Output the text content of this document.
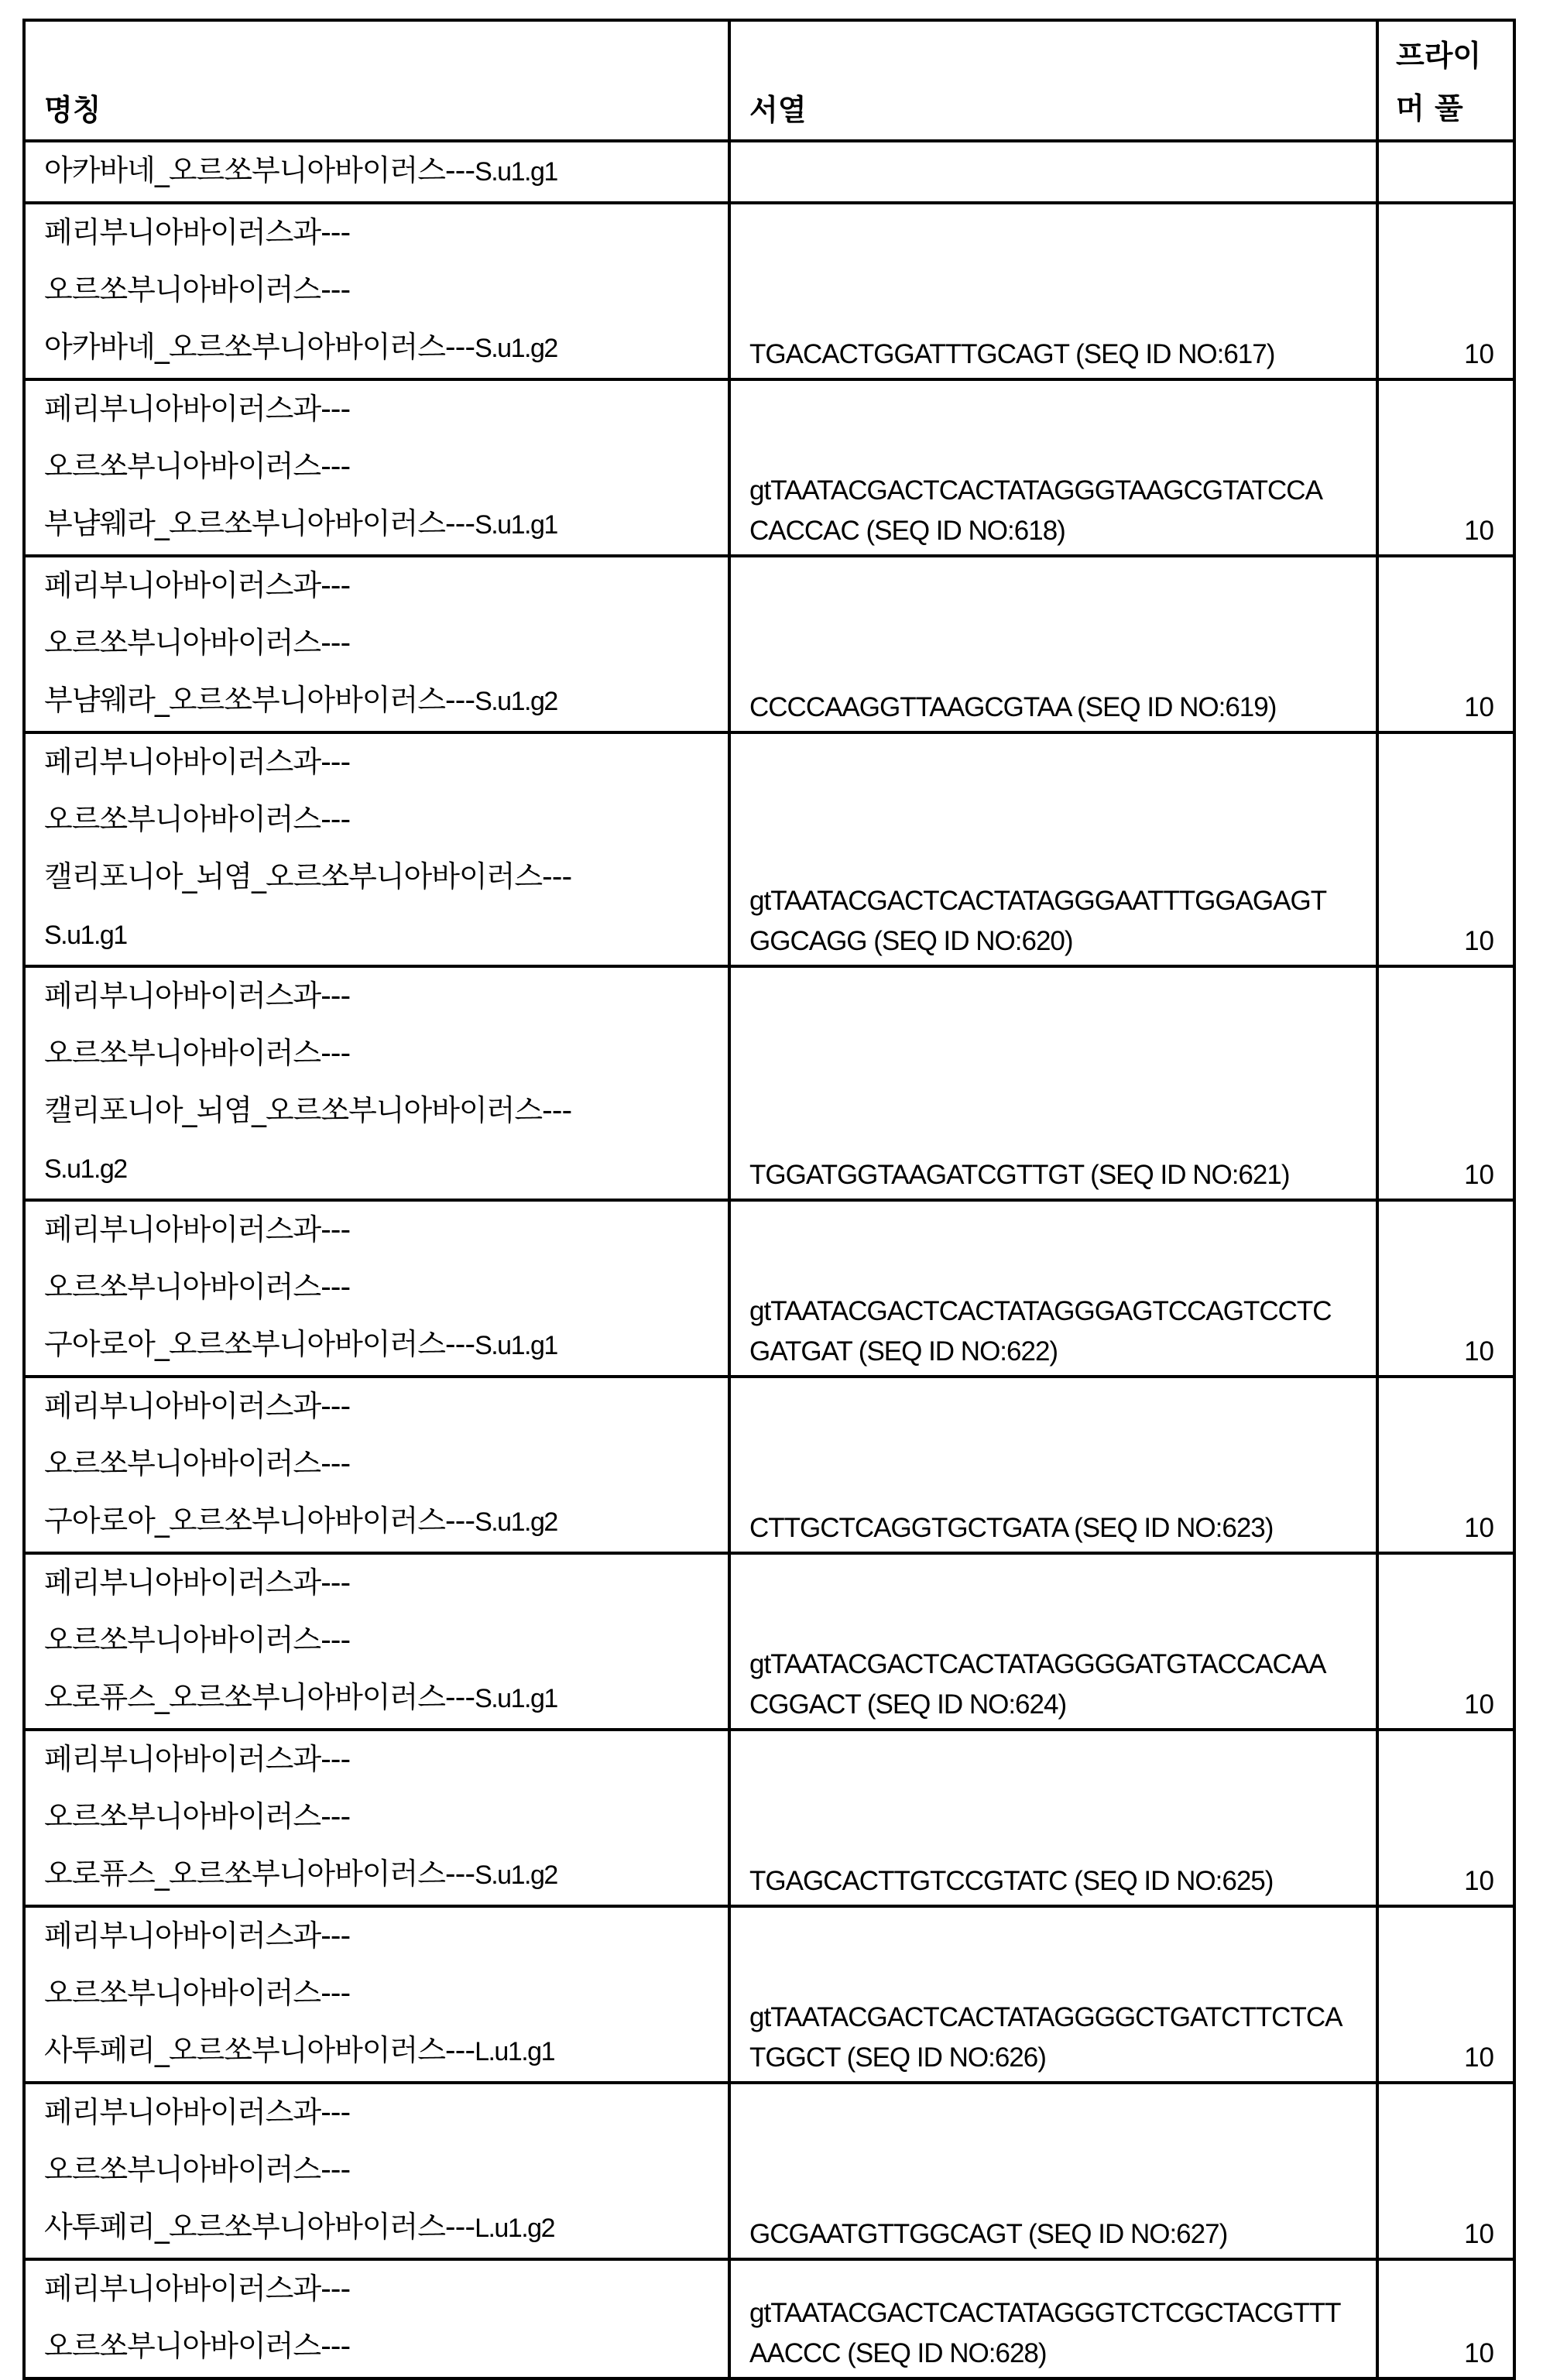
명칭	서열	프라이
머 풀

아카바네_오르쏘부니아바이러스---S.u1.g1		

페리부니아바이러스과---
오르쏘부니아바이러스---
아카바네_오르쏘부니아바이러스---S.u1.g2	TGACACTGGATTTGCAGT (SEQ ID NO:617)	10

페리부니아바이러스과---
오르쏘부니아바이러스---
부냠웨라_오르쏘부니아바이러스---S.u1.g1	gtTAATACGACTCACTATAGGGTAAGCGTATCCA
CACCAC (SEQ ID NO:618)	10

페리부니아바이러스과---
오르쏘부니아바이러스---
부냠웨라_오르쏘부니아바이러스---S.u1.g2	CCCCAAGGTTAAGCGTAA (SEQ ID NO:619)	10

페리부니아바이러스과---
오르쏘부니아바이러스---
캘리포니아_뇌염_오르쏘부니아바이러스---
S.u1.g1	gtTAATACGACTCACTATAGGGAATTTGGAGAGT
GGCAGG (SEQ ID NO:620)	10

페리부니아바이러스과---
오르쏘부니아바이러스---
캘리포니아_뇌염_오르쏘부니아바이러스---
S.u1.g2	TGGATGGTAAGATCGTTGT (SEQ ID NO:621)	10

페리부니아바이러스과---
오르쏘부니아바이러스---
구아로아_오르쏘부니아바이러스---S.u1.g1	gtTAATACGACTCACTATAGGGAGTCCAGTCCTC
GATGAT (SEQ ID NO:622)	10

페리부니아바이러스과---
오르쏘부니아바이러스---
구아로아_오르쏘부니아바이러스---S.u1.g2	CTTGCTCAGGTGCTGATA (SEQ ID NO:623)	10

페리부니아바이러스과---
오르쏘부니아바이러스---
오로퓨스_오르쏘부니아바이러스---S.u1.g1	gtTAATACGACTCACTATAGGGGATGTACCACAA
CGGACT (SEQ ID NO:624)	10

페리부니아바이러스과---
오르쏘부니아바이러스---
오로퓨스_오르쏘부니아바이러스---S.u1.g2	TGAGCACTTGTCCGTATC (SEQ ID NO:625)	10

페리부니아바이러스과---
오르쏘부니아바이러스---
사투페리_오르쏘부니아바이러스---L.u1.g1	gtTAATACGACTCACTATAGGGGCTGATCTTCTCA
TGGCT (SEQ ID NO:626)	10

페리부니아바이러스과---
오르쏘부니아바이러스---
사투페리_오르쏘부니아바이러스---L.u1.g2	GCGAATGTTGGCAGT (SEQ ID NO:627)	10

페리부니아바이러스과---
오르쏘부니아바이러스---	gtTAATACGACTCACTATAGGGTCTCGCTACGTTT
AACCC (SEQ ID NO:628)	10
